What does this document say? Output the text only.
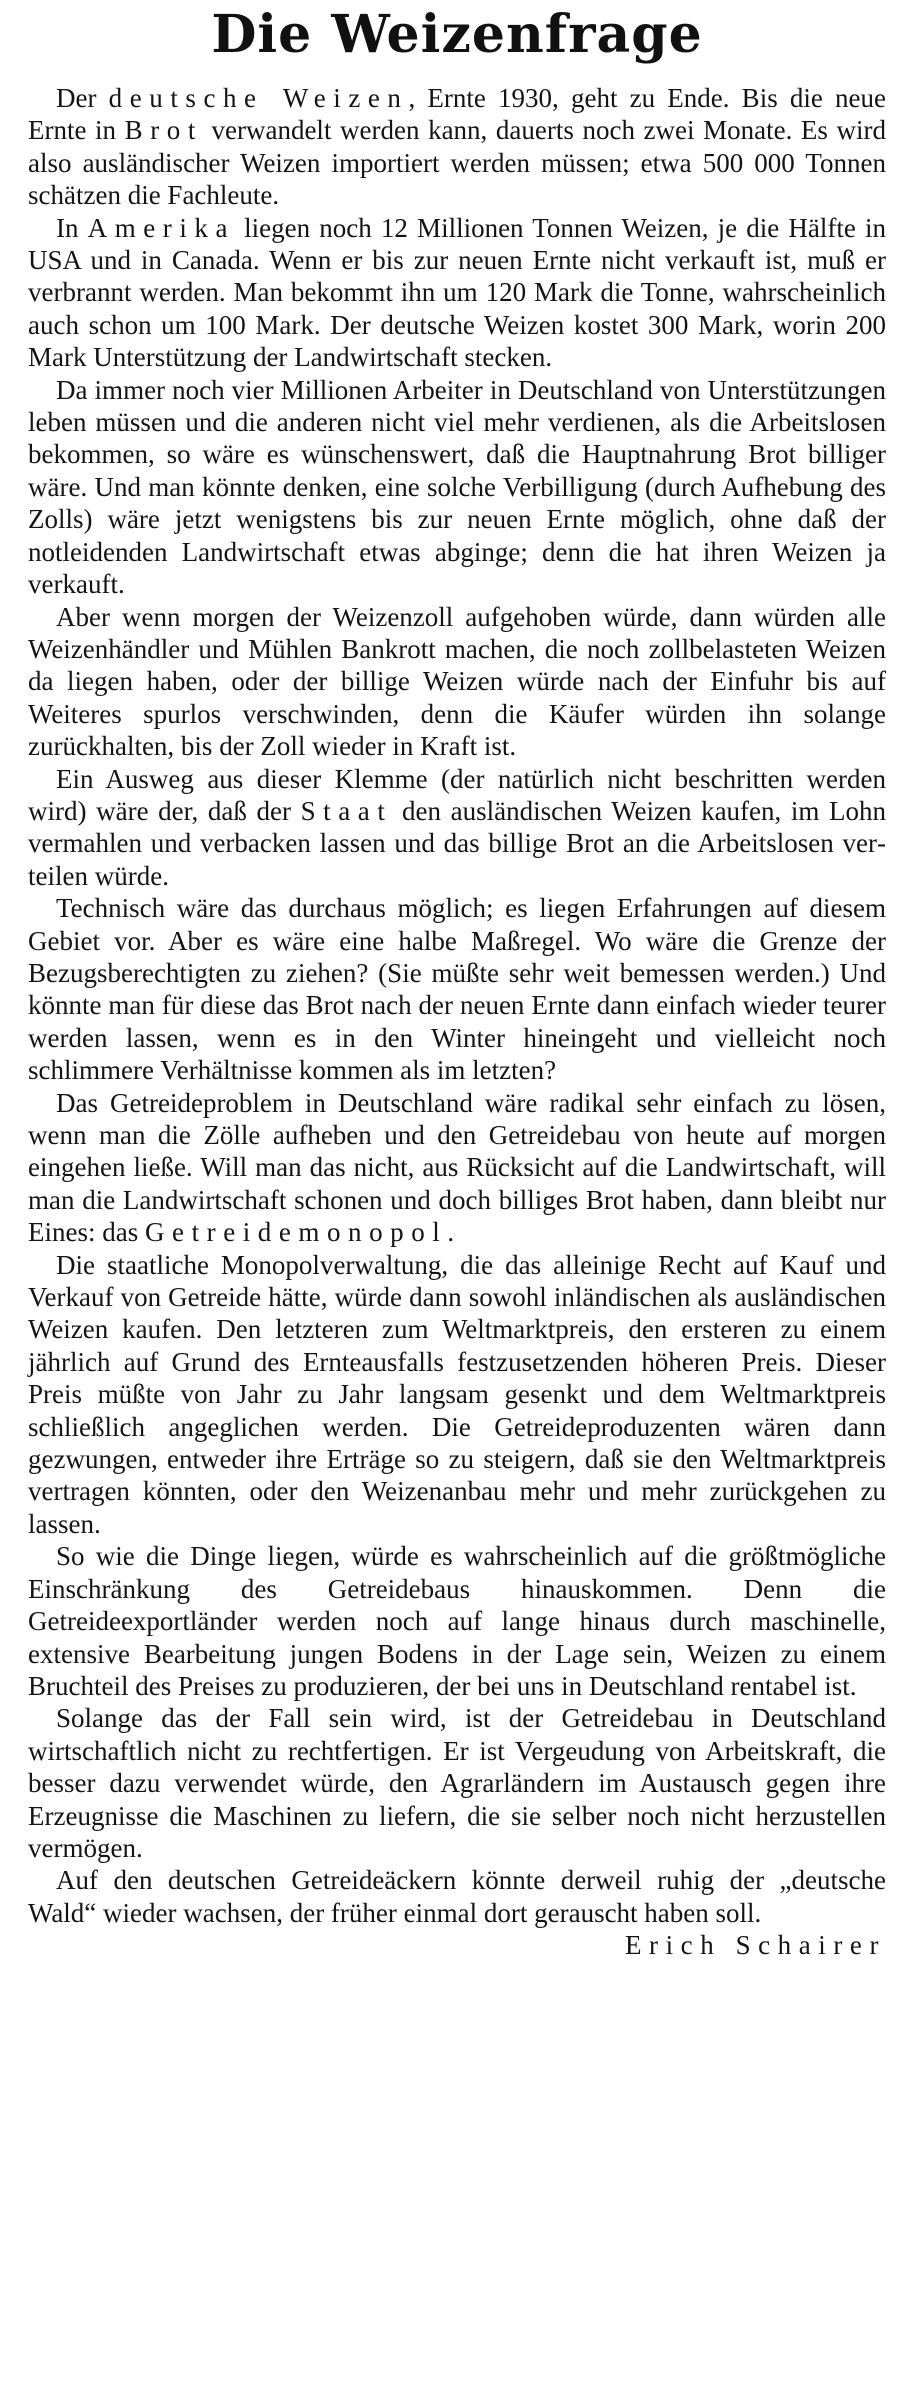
Die Weizenfrage

Der deutsche Weizen, Ernte 1930, geht zu Ende. Bis die neue Ernte in Brot verwandelt werden kann, dauerts noch zwei Monate. Es wird also ausländischer Weizen importiert werden müssen; etwa 500 000 Tonnen schätzen die Fachleute.

In Amerika liegen noch 12 Millionen Tonnen Weizen, je die Hälfte in USA und in Canada. Wenn er bis zur neuen Ernte nicht verkauft ist, muß er verbrannt werden. Man bekommt ihn um 120 Mark die Tonne, wahrscheinlich auch schon um 100 Mark. Der deutsche Weizen kostet 300 Mark, worin 200 Mark Unterstützung der Landwirtschaft stecken.

Da immer noch vier Millionen Arbeiter in Deutschland von Unterstützungen leben müssen und die anderen nicht viel mehr verdienen, als die Arbeitslosen bekommen, so wäre es wünschenswert, daß die Hauptnahrung Brot billiger wäre. Und man könnte denken, eine solche Verbilligung (durch Aufhebung des Zolls) wäre jetzt wenigstens bis zur neuen Ernte möglich, ohne daß der notleidenden Landwirtschaft etwas abginge; denn die hat ihren Weizen ja verkauft.

Aber wenn morgen der Weizenzoll aufgehoben würde, dann würden alle Weizenhändler und Mühlen Bankrott machen, die noch zollbelasteten Weizen da liegen haben, oder der billige Weizen würde nach der Einfuhr bis auf Weiteres spurlos verschwinden, denn die Käufer würden ihn solange zurückhalten, bis der Zoll wieder in Kraft ist.

Ein Ausweg aus dieser Klemme (der natürlich nicht beschritten werden wird) wäre der, daß der Staat den ausländischen Weizen kaufen, im Lohn vermahlen und verbacken lassen und das billige Brot an die Arbeitslosen verteilen würde.

Technisch wäre das durchaus möglich; es liegen Erfahrungen auf diesem Gebiet vor. Aber es wäre eine halbe Maßregel. Wo wäre die Grenze der Bezugsberechtigten zu ziehen? (Sie müßte sehr weit bemessen werden.) Und könnte man für diese das Brot nach der neuen Ernte dann einfach wieder teurer werden lassen, wenn es in den Winter hineingeht und vielleicht noch schlimmere Verhältnisse kommen als im letzten?

Das Getreideproblem in Deutschland wäre radikal sehr einfach zu lösen, wenn man die Zölle aufheben und den Getreidebau von heute auf morgen eingehen ließe. Will man das nicht, aus Rücksicht auf die Landwirtschaft, will man die Landwirtschaft schonen und doch billiges Brot haben, dann bleibt nur Eines: das Getreidemonopol.

Die staatliche Monopolverwaltung, die das alleinige Recht auf Kauf und Verkauf von Getreide hätte, würde dann sowohl inländischen als ausländischen Weizen kaufen. Den letzteren zum Weltmarktpreis, den ersteren zu einem jährlich auf Grund des Ernteausfalls festzusetzenden höheren Preis. Dieser Preis müßte von Jahr zu Jahr langsam gesenkt und dem Weltmarktpreis schließlich angeglichen werden. Die Getreideproduzenten wären dann gezwungen, entweder ihre Erträge so zu steigern, daß sie den Weltmarktpreis vertragen könnten, oder den Weizenanbau mehr und mehr zurückgehen zu lassen.

So wie die Dinge liegen, würde es wahrscheinlich auf die größtmögliche Einschränkung des Getreidebaus hinauskommen. Denn die Getreideexportländer werden noch auf lange hinaus durch maschinelle, extensive Bearbeitung jungen Bodens in der Lage sein, Weizen zu einem Bruchteil des Preises zu produzieren, der bei uns in Deutschland rentabel ist.

Solange das der Fall sein wird, ist der Getreidebau in Deutschland wirtschaftlich nicht zu rechtfertigen. Er ist Vergeudung von Arbeitskraft, die besser dazu verwendet würde, den Agrarländern im Austausch gegen ihre Erzeugnisse die Maschinen zu liefern, die sie selber noch nicht herzustellen vermögen.

Auf den deutschen Getreideäckern könnte derweil ruhig der „deutsche Wald“ wieder wachsen, der früher einmal dort gerauscht haben soll.
Erich Schairer
